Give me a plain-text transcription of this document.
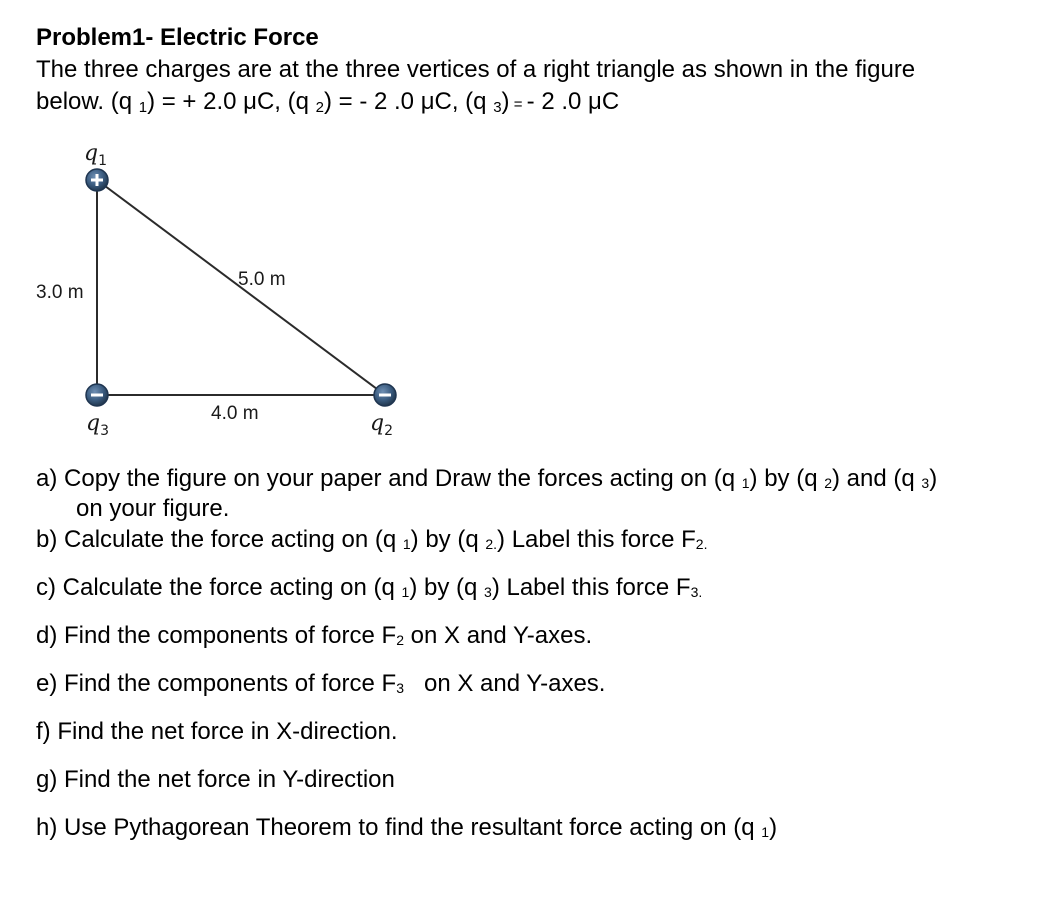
Problem1- Electric Force
The three charges are at the three vertices of a right triangle as shown in the figure
below. (q 1) = + 2.0 μC, (q 2) = - 2 .0 μC, (q 3) = - 2 .0 μC
$q_1$
3.0 m
5.0 m
4.0 m
$q_3$	$q_2$
a) Copy the figure on your paper and Draw the forces acting on (q 1) by (q 2) and (q 3)
on your figure.
b) Calculate the force acting on (q 1) by (q 2.) Label this force F2.
c) Calculate the force acting on (q 1) by (q 3) Label this force F3.
d) Find the components of force F2 on X and Y-axes.
e) Find the components of force F3   on X and Y-axes.
f) Find the net force in X-direction.
g) Find the net force in Y-direction
h) Use Pythagorean Theorem to find the resultant force acting on (q 1)
